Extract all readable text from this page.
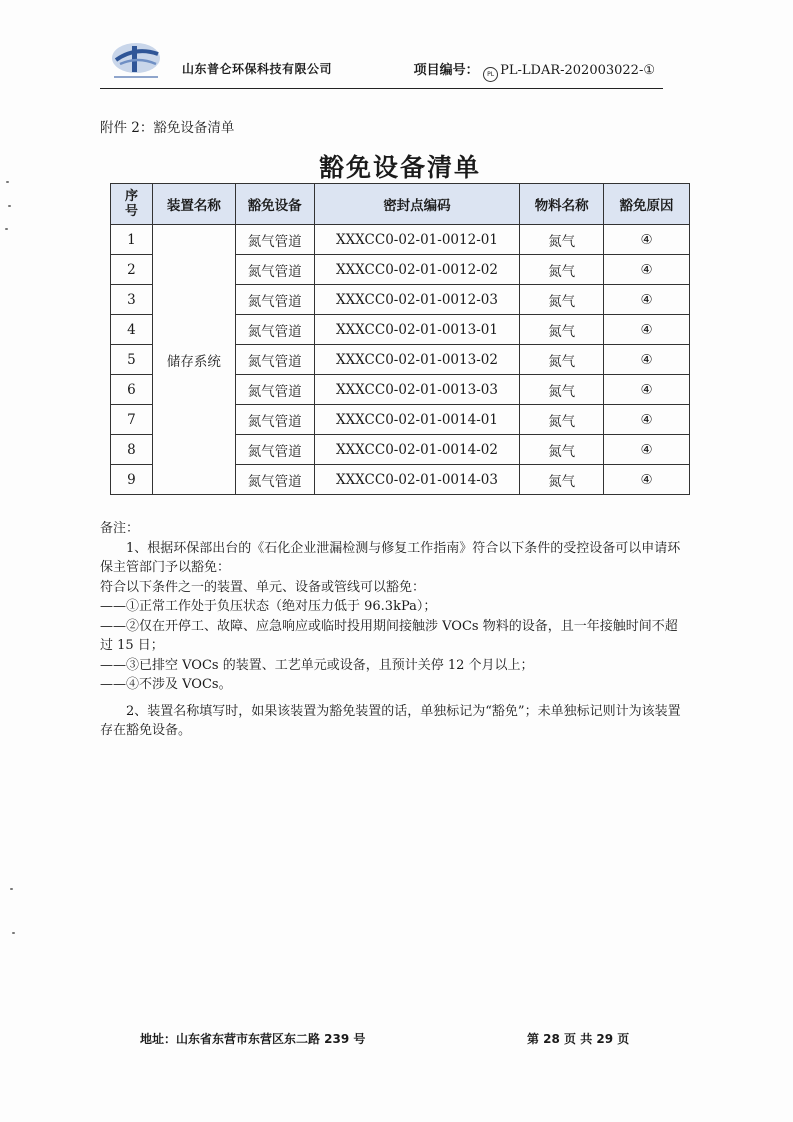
山东普仑环保科技有限公司	项目编号： PL PL-LDAR-202003022-①
附件 2：豁免设备清单
豁免设备清单
序
号	装置名称	豁免设备	密封点编码	物料名称	豁免原因
1	储存系统	氮气管道	XXXCC0-02-01-0012-01	氮气	④
2		氮气管道	XXXCC0-02-01-0012-02	氮气	④
3		氮气管道	XXXCC0-02-01-0012-03	氮气	④
4		氮气管道	XXXCC0-02-01-0013-01	氮气	④
5		氮气管道	XXXCC0-02-01-0013-02	氮气	④
6		氮气管道	XXXCC0-02-01-0013-03	氮气	④
7		氮气管道	XXXCC0-02-01-0014-01	氮气	④
8		氮气管道	XXXCC0-02-01-0014-02	氮气	④
9		氮气管道	XXXCC0-02-01-0014-03	氮气	④

备注：

1、根据环保部出台的《石化企业泄漏检测与修复工作指南》符合以下条件的受控设备可以申请环保主管部门予以豁免：

符合以下条件之一的装置、单元、设备或管线可以豁免：

——①正常工作处于负压状态（绝对压力低于 96.3kPa）；

——②仅在开停工、故障、应急响应或临时投用期间接触涉 VOCs 物料的设备，且一年接触时间不超过 15 日；

——③已排空 VOCs 的装置、工艺单元或设备，且预计关停 12 个月以上；

——④不涉及 VOCs。

2、装置名称填写时，如果该装置为豁免装置的话，单独标记为“豁免”；未单独标记则计为该装置存在豁免设备。

地址：山东省东营市东营区东二路 239 号	第 28 页 共 29 页
